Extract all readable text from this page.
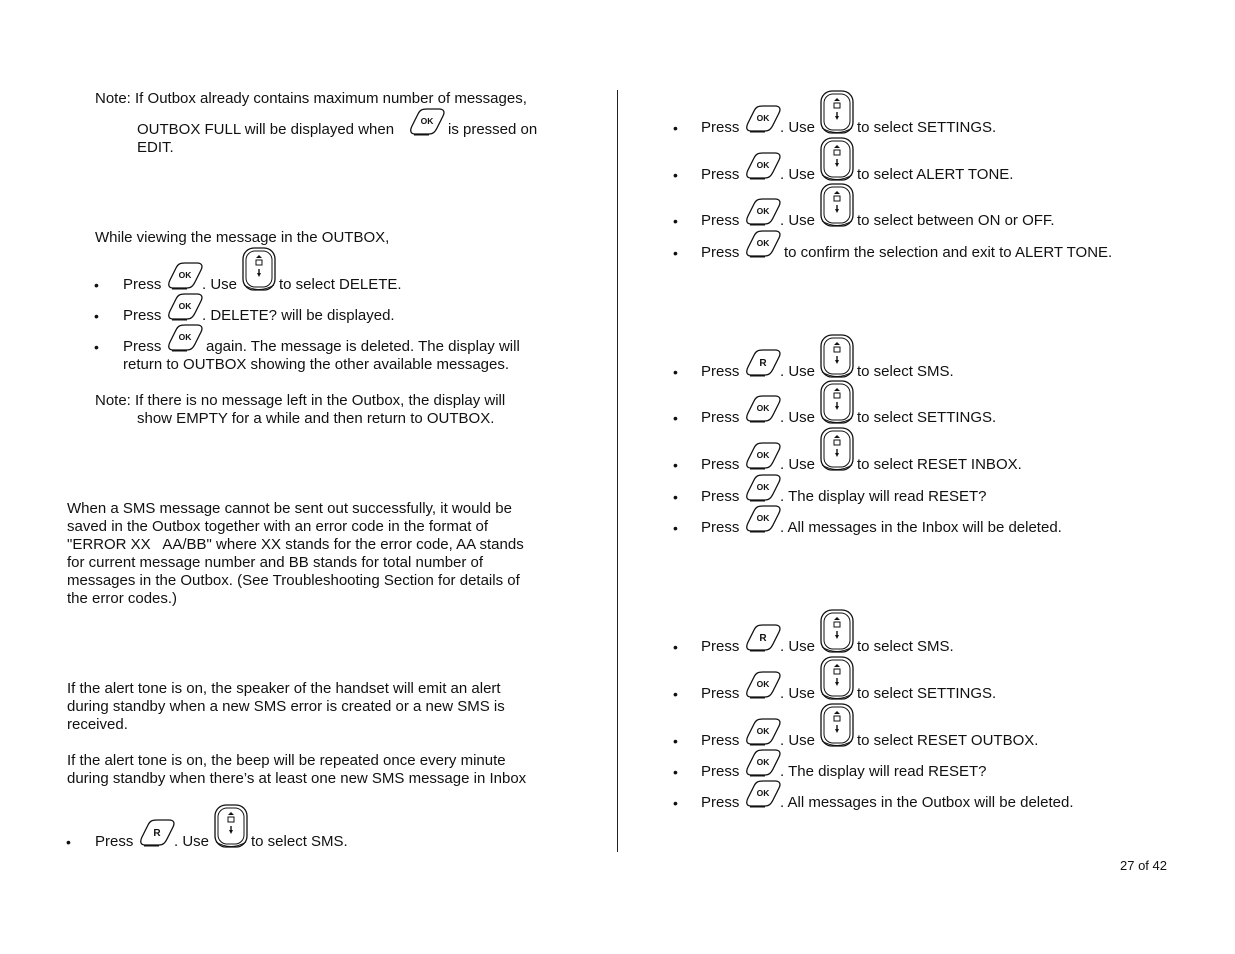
Note: If Outbox already contains maximum number of messages,
OUTBOX FULL will be displayed when	is pressed on
EDIT.
While viewing the message in the OUTBOX,
• Press	. Use	to select DELETE.
• Press	. DELETE? will be displayed.
• Press	again. The message is deleted. The display will
return to OUTBOX showing the other available messages.
Note: If there is no message left in the Outbox, the display will
show EMPTY for a while and then return to OUTBOX.
When a SMS message cannot be sent out successfully, it would be
saved in the Outbox together with an error code in the format of
"ERROR XX   AA/BB" where XX stands for the error code, AA stands
for current message number and BB stands for total number of
messages in the Outbox. (See Troubleshooting Section for details of
the error codes.)
If the alert tone is on, the speaker of the handset will emit an alert
during standby when a new SMS error is created or a new SMS is
received.
If the alert tone is on, the beep will be repeated once every minute
during standby when there’s at least one new SMS message in Inbox
• Press	. Use	to select SMS.
• Press	. Use	to select SETTINGS.
• Press	. Use	to select ALERT TONE.
• Press	. Use	to select between ON or OFF.
• Press	to confirm the selection and exit to ALERT TONE.
• Press	. Use	to select SMS.
• Press	. Use	to select SETTINGS.
• Press	. Use	to select RESET INBOX.
• Press	. The display will read RESET?
• Press	. All messages in the Inbox will be deleted.
• Press	. Use	to select SMS.
• Press	. Use	to select SETTINGS.
• Press	. Use	to select RESET OUTBOX.
• Press	. The display will read RESET?
• Press	. All messages in the Outbox will be deleted.
27 of 42
